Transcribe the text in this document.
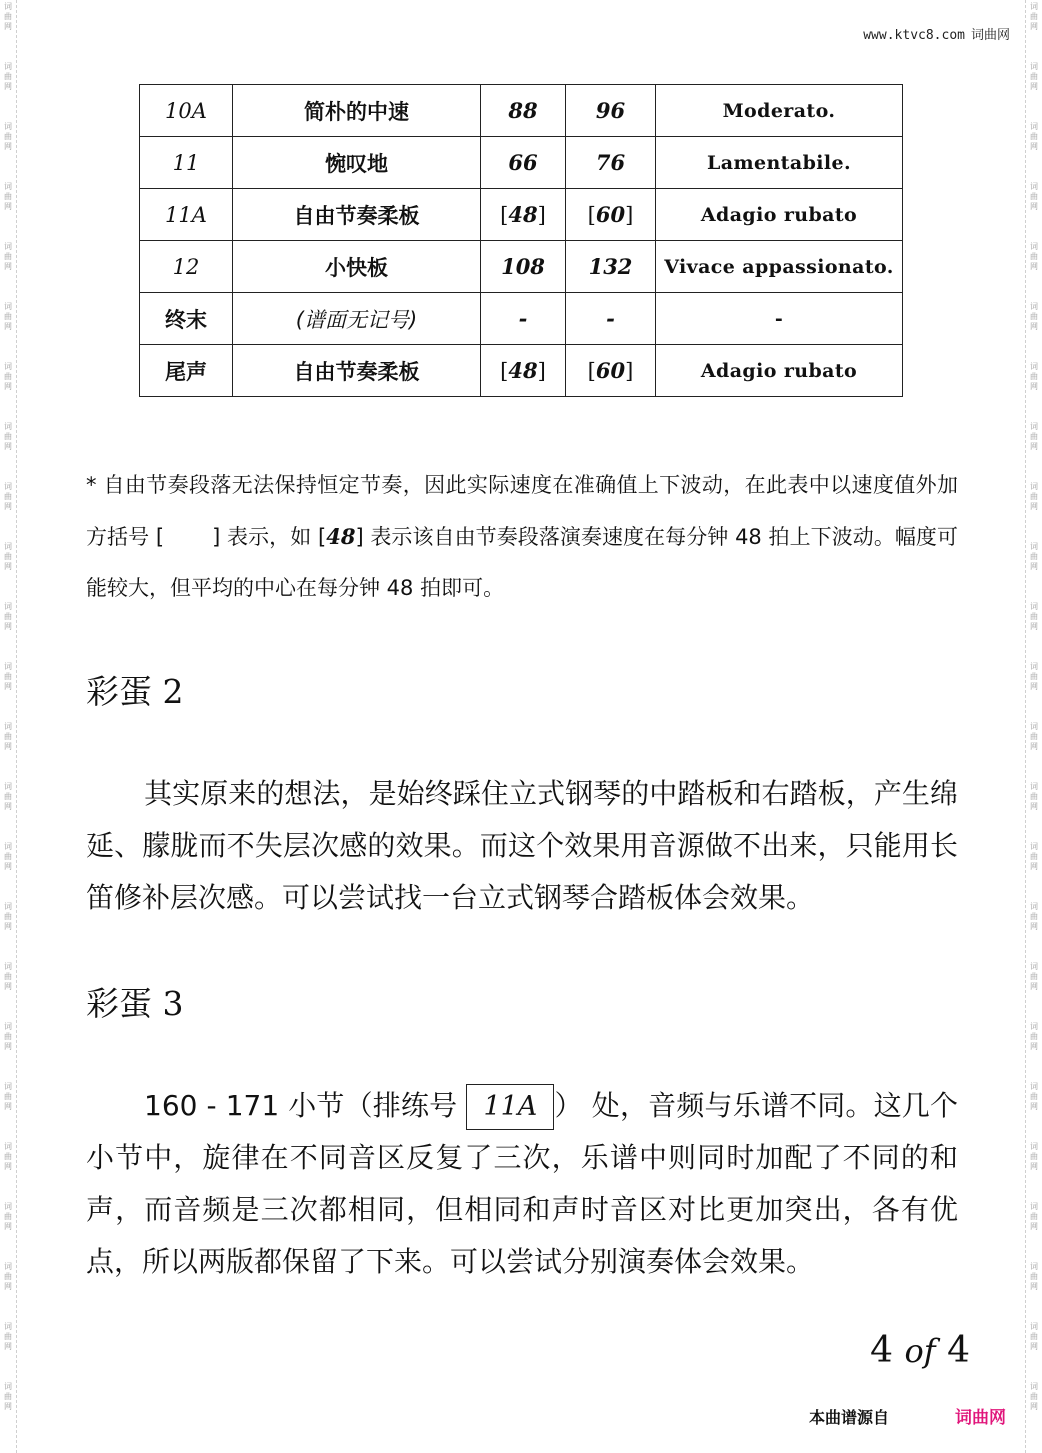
词
曲
网
词
曲
网
词
曲
网
词
曲
网
词
曲
网
词
曲
网
词
曲
网
词
曲
网
词
曲
网
词
曲
网
词
曲
网
词
曲
网
词
曲
网
词
曲
网
词
曲
网
词
曲
网
词
曲
网
词
曲
网
词
曲
网
词
曲
网
词
曲
网
词
曲
网
词
曲
网
词
曲
网
词
曲
网
词
曲
网
词
曲
网
词
曲
网
词
曲
网
词
曲
网
词
曲
网
词
曲
网
词
曲
网
词
曲
网
词
曲
网
词
曲
网
词
曲
网
词
曲
网
词
曲
网
词
曲
网
词
曲
网
词
曲
网
词
曲
网
词
曲
网
词
曲
网
词
曲
网
词
曲
网
词
曲
网
www.ktvc8.com 词曲网
10A	简朴的中速	88	96	Moderato.
11	惋叹地	66	76	Lamentabile.
11A	自由节奏柔板	[48]	[60]	Adagio rubato
12	小快板	108	132	Vivace appassionato.
终末	(谱面无记号)	-	-	-
尾声	自由节奏柔板	[48]	[60]	Adagio rubato
* 自由节奏段落无法保持恒定节奏，因此实际速度在准确值上下波动，在此表中以速度值外加方括号 [ ] 表示，如 [48] 表示该自由节奏段落演奏速度在每分钟 48 拍上下波动。幅度可能较大，但平均的中心在每分钟 48 拍即可。
彩蛋 2
其实原来的想法，是始终踩住立式钢琴的中踏板和右踏板，产生绵延、朦胧而不失层次感的效果。而这个效果用音源做不出来，只能用长笛修补层次感。可以尝试找一台立式钢琴合踏板体会效果。
彩蛋 3
160 - 171 小节（排练号 11A ） 处，音频与乐谱不同。这几个小节中，旋律在不同音区反复了三次，乐谱中则同时加配了不同的和声，而音频是三次都相同，但相同和声时音区对比更加突出，各有优点，所以两版都保留了下来。可以尝试分别演奏体会效果。
4 of 4
本曲谱源自	词曲网
